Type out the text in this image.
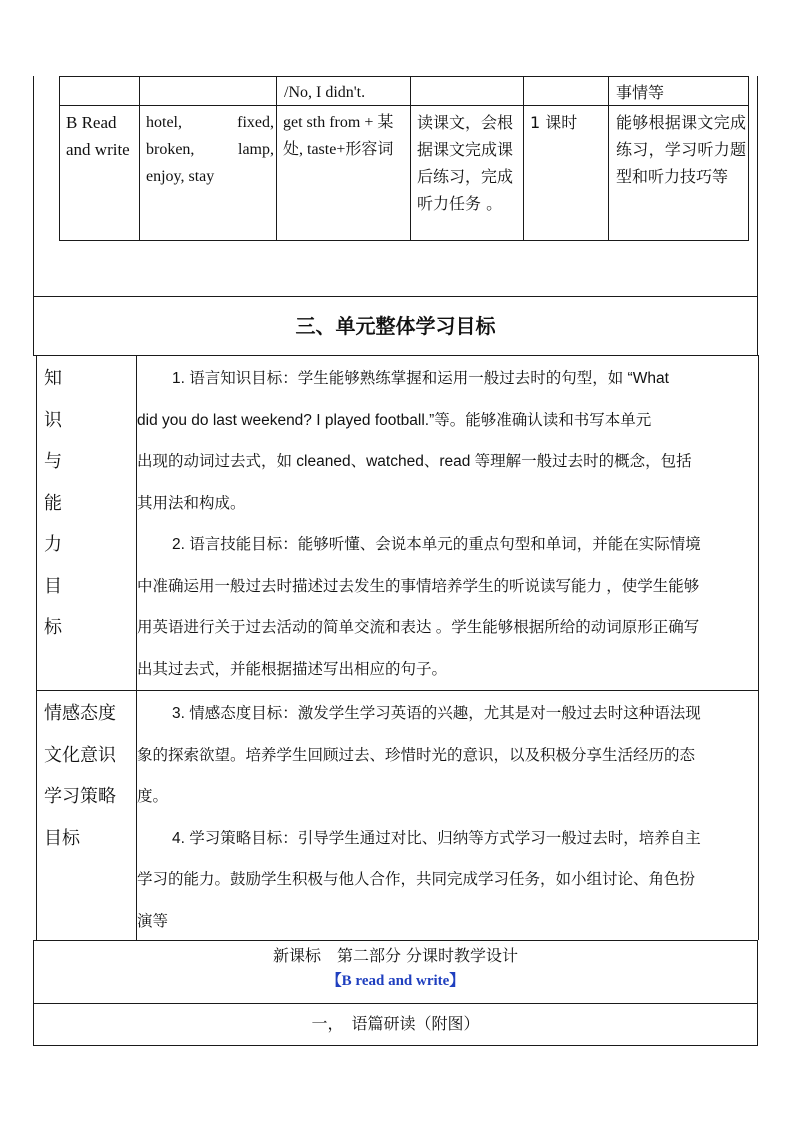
/No, I didn't.	事情等
B Read and write
hotel, fixed, broken, lamp, enjoy, stay
get sth from + 某处, taste+形容词
读课文，会根据课文完成课后练习，完成听力任务 。
1 课时	能够根据课文完成练习，学习听力题型和听力技巧等
三、单元整体学习目标
知识与能力目标
1. 语言知识目标：学生能够熟练掌握和运用一般过去时的句型，如 “What
did you do last weekend? I played football.”等。能够准确认读和书写本单元
出现的动词过去式，如 cleaned、watched、read 等理解一般过去时的概念，包括
其用法和构成。
2. 语言技能目标：能够听懂、会说本单元的重点句型和单词，并能在实际情境
中准确运用一般过去时描述过去发生的事情培养学生的听说读写能力 ，使学生能够
用英语进行关于过去活动的简单交流和表达 。学生能够根据所给的动词原形正确写
出其过去式，并能根据描述写出相应的句子。
情感态度
文化意识
学习策略
目标
3. 情感态度目标：激发学生学习英语的兴趣，尤其是对一般过去时这种语法现
象的探索欲望。培养学生回顾过去、珍惜时光的意识，以及积极分享生活经历的态
度。
4. 学习策略目标：引导学生通过对比、归纳等方式学习一般过去时，培养自主
学习的能力。鼓励学生积极与他人合作，共同完成学习任务，如小组讨论、角色扮
演等
新课标　第二部分 分课时教学设计
【B read and write】
一，　语篇研读（附图）
